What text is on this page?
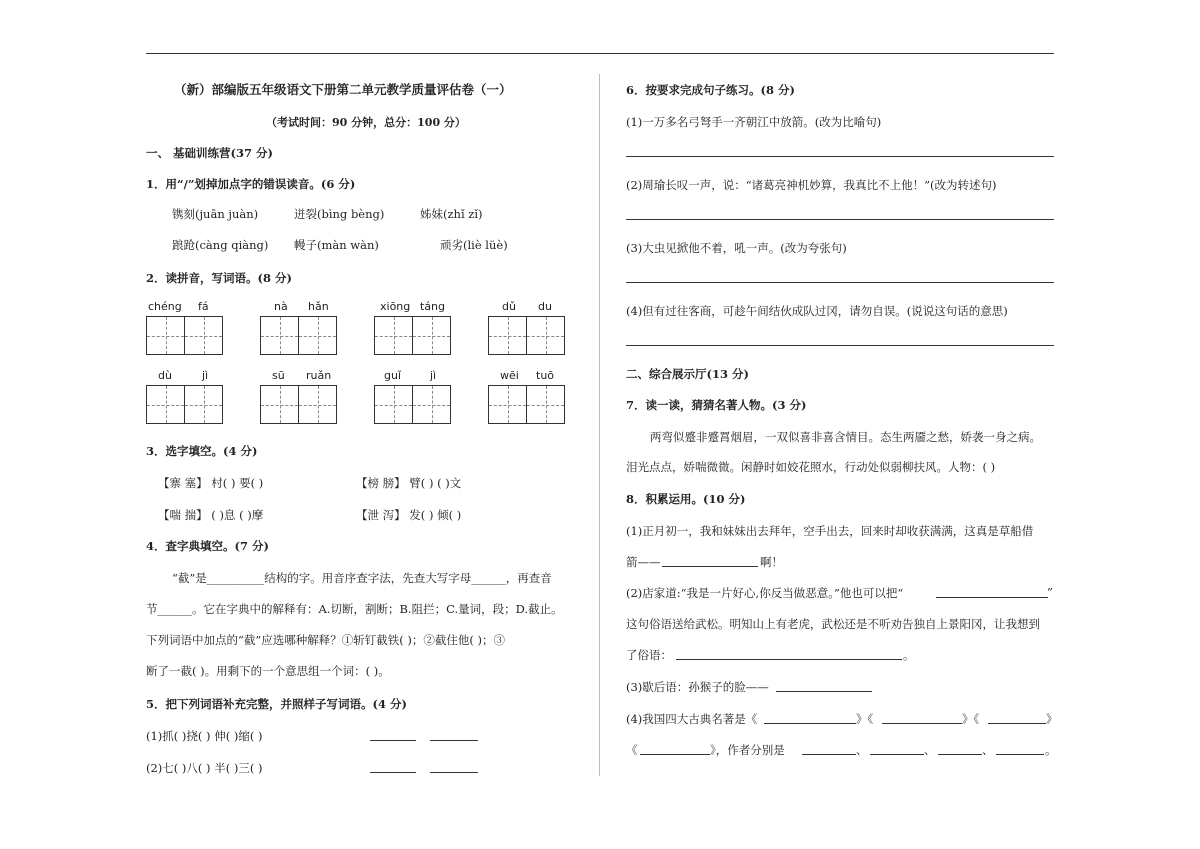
（新）部编版五年级语文下册第二单元教学质量评估卷（一）
（考试时间：90 分钟，总分：100 分）
一、 基础训练营(37 分)
1．用“/”划掉加点字的错误读音。(6 分)
镌刻(juān juàn)	迸裂(bìng bèng)	姊妹(zhǐ zǐ)
踉跄(càng qiàng) 幔子(màn wàn)	顽劣(liè lüè)
2．读拼音，写词语。(8 分)
chéng fá	nà hǎn	xiōng táng	dǔ du
dù	jì	sū ruǎn	guǐ	jì	wēi tuō
3．选字填空。(4 分)
【寨 塞】 村( ) 要( )	【榜 膀】 臂( ) ( )文
【喘 揣】 ( )息 ( )摩	【泄 泻】 发( ) 倾( )
4．查字典填空。(7 分)
“截”是__________结构的字。用音序查字法，先查大写字母______，再查音
节______。它在字典中的解释有：A.切断，割断；B.阻拦；C.量词，段；D.截止。
下列词语中加点的“截”应选哪种解释？①斩钉截铁( )；②截住他( )；③
断了一截( )。用剩下的一个意思组一个词：( )。
5．把下列词语补充完整，并照样子写词语。(4 分)
(1)抓( )挠( ) 伸( )缩( )
(2)七( )八( ) 半( )三( )
6．按要求完成句子练习。(8 分)
(1)一万多名弓弩手一齐朝江中放箭。(改为比喻句)
(2)周瑜长叹一声，说：“诸葛亮神机妙算，我真比不上他！”(改为转述句)
(3)大虫见掀他不着，吼一声。(改为夸张句)
(4)但有过往客商，可趁午间结伙成队过冈，请勿自误。(说说这句话的意思)
二、综合展示厅(13 分)
7．读一读，猜猜名著人物。(3 分)
两弯似蹙非蹙罥烟眉，一双似喜非喜含情目。态生两靥之愁，娇袭一身之病。
泪光点点，娇喘微微。闲静时如姣花照水，行动处似弱柳扶风。人物：( )
8．积累运用。(10 分)
(1)正月初一，我和妹妹出去拜年，空手出去，回来时却收获满满，这真是草船借
箭——	啊！
(2)店家道:“我是一片好心,你反当做恶意。”他也可以把“	”
这句俗语送给武松。明知山上有老虎，武松还是不听劝告独自上景阳冈，让我想到
了俗语：	。
(3)歇后语：孙猴子的脸——
(4)我国四大古典名著是《	》《	》《	》
《	》，作者分别是	、	、	、	。
